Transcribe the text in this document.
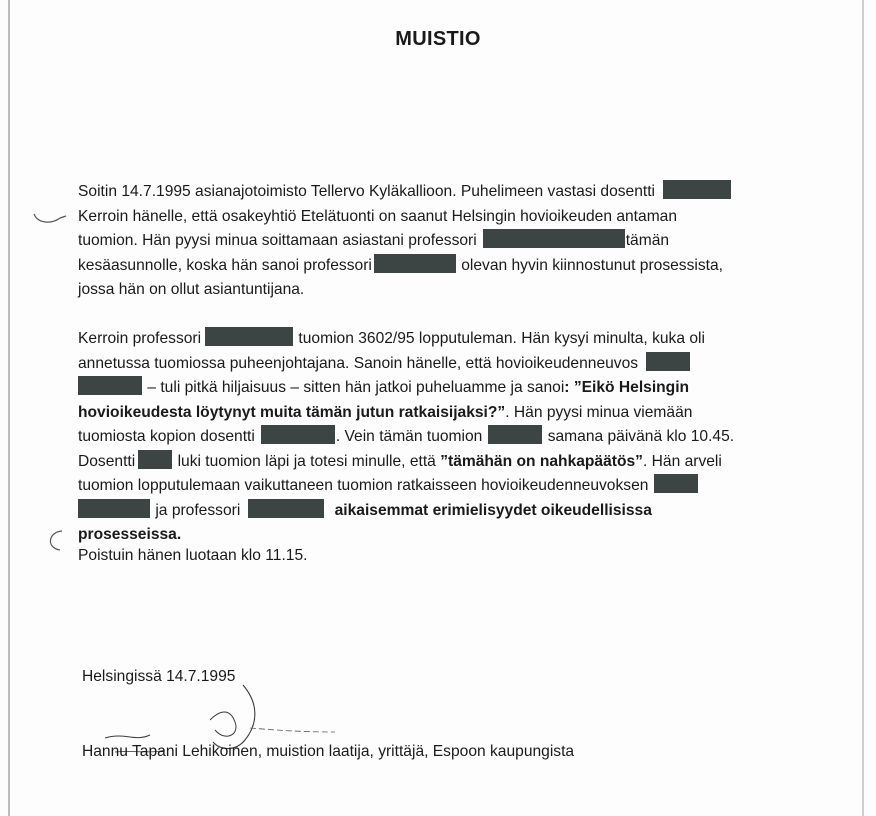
MUISTIO
Soitin 14.7.1995 asianajotoimisto Tellervo Kyläkallioon. Puhelimeen vastasi dosentti
Kerroin hänelle, että osakeyhtiö Etelätuonti on saanut Helsingin hovioikeuden antaman
tuomion. Hän pyysi minua soittamaan asiastani professori	tämän
kesäasunnolle, koska hän sanoi professori	olevan hyvin kiinnostunut prosessista,
jossa hän on ollut asiantuntijana.
Kerroin professori	tuomion 3602/95 lopputuleman. Hän kysyi minulta, kuka oli
annetussa tuomiossa puheenjohtajana. Sanoin hänelle, että hovioikeudenneuvos
– tuli pitkä hiljaisuus – sitten hän jatkoi puheluamme ja sanoi: ”Eikö Helsingin
hovioikeudesta löytynyt muita tämän jutun ratkaisijaksi?”. Hän pyysi minua viemään
tuomiosta kopion dosentti	. Vein tämän tuomion	samana päivänä klo 10.45.
Dosentti	luki tuomion läpi ja totesi minulle, että ”tämähän on nahkapäätös”. Hän arveli
tuomion lopputulemaan vaikuttaneen tuomion ratkaisseen hovioikeudenneuvoksen
ja professori	aikaisemmat erimielisyydet oikeudellisissa
prosesseissa.
Poistuin hänen luotaan klo 11.15.
Helsingissä 14.7.1995
Hannu Tapani Lehikoinen, muistion laatija, yrittäjä, Espoon kaupungista
